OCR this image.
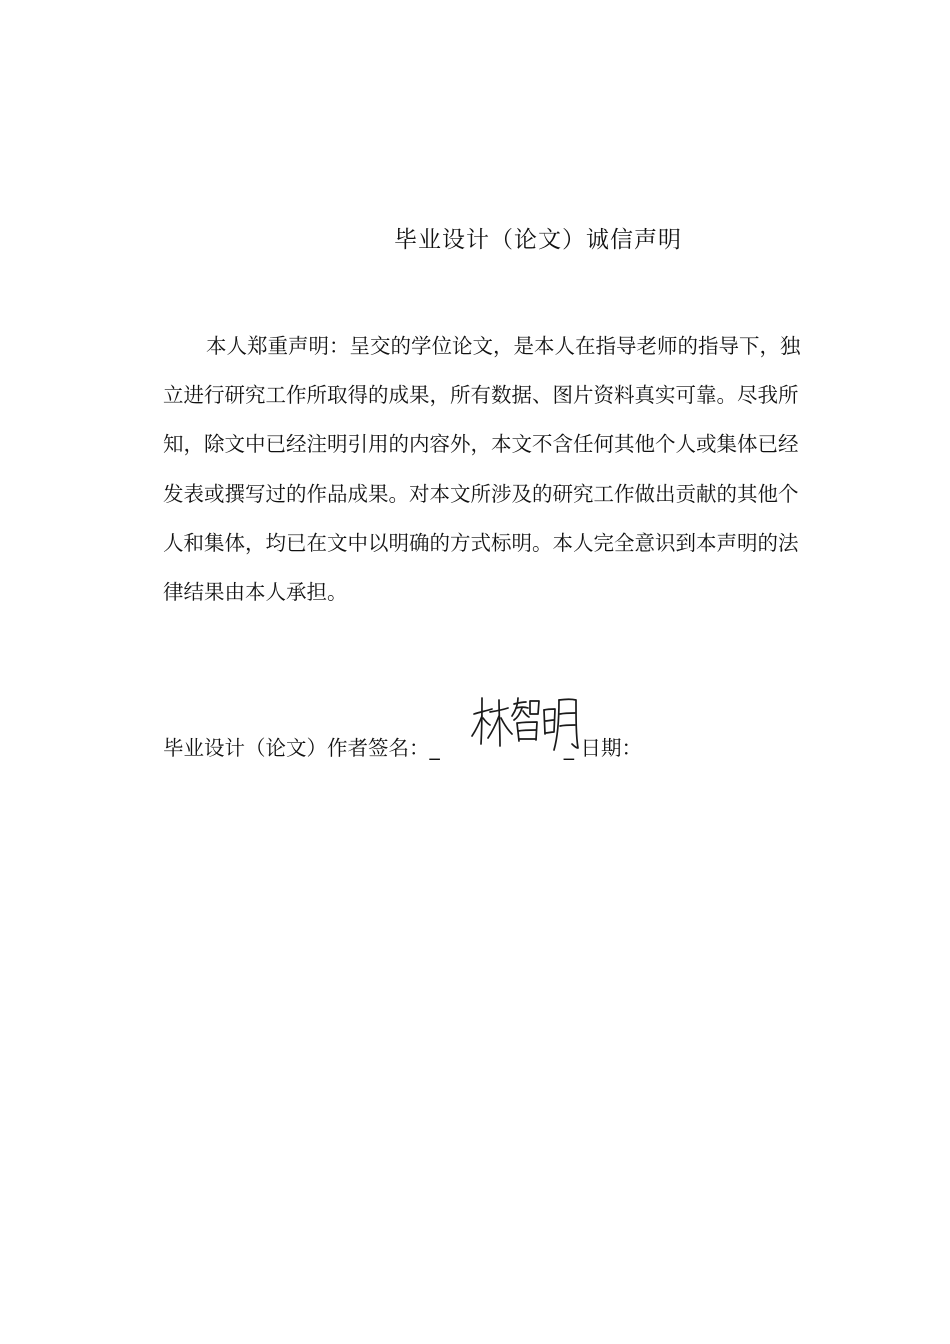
毕业设计（论文）诚信声明
本人郑重声明：呈交的学位论文，是本人在指导老师的指导下，独
立进行研究工作所取得的成果，所有数据、图片资料真实可靠。尽我所
知，除文中已经注明引用的内容外，本文不含任何其他个人或集体已经
发表或撰写过的作品成果。对本文所涉及的研究工作做出贡献的其他个
人和集体，均已在文中以明确的方式标明。本人完全意识到本声明的法
律结果由本人承担。
毕业设计（论文）作者签名：_	_ 日期：
